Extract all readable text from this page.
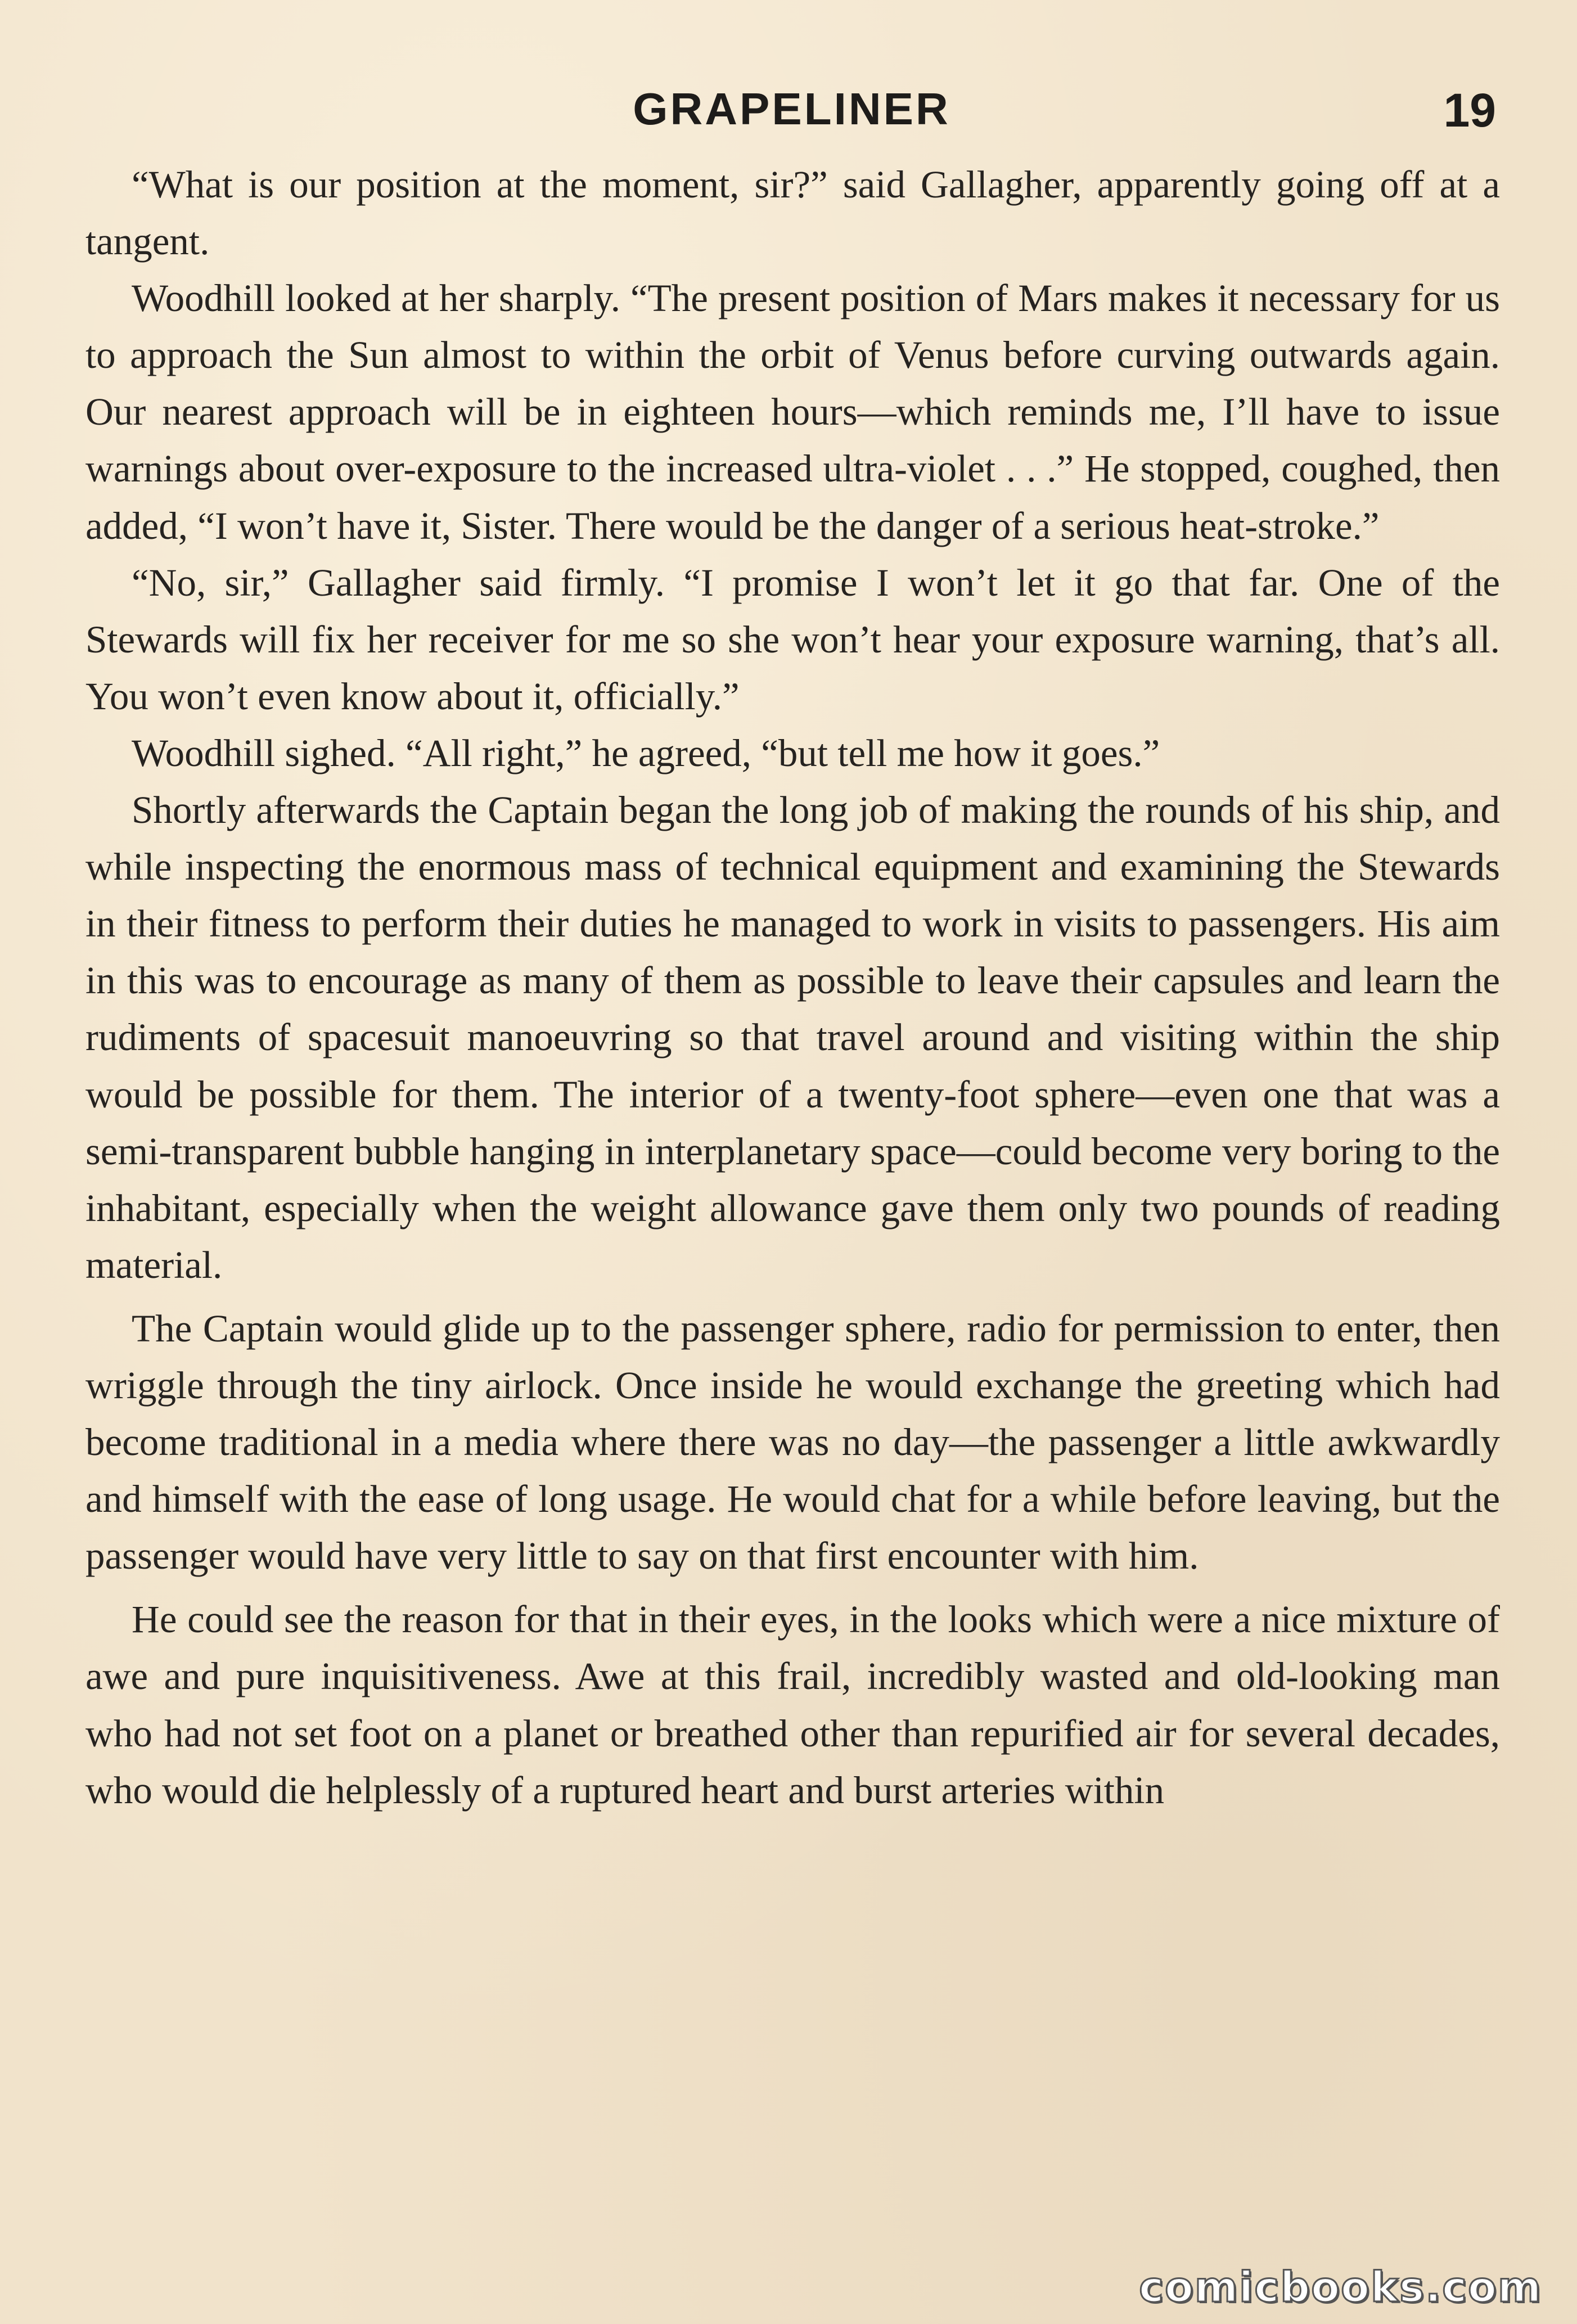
GRAPELINER	19

“What is our position at the moment, sir?” said Gallagher, apparently going off at a tangent.

Woodhill looked at her sharply. “The present position of Mars makes it necessary for us to approach the Sun almost to within the orbit of Venus before curving outwards again. Our nearest approach will be in eighteen hours—which reminds me, I’ll have to issue warnings about over-exposure to the increased ultra-violet . . .” He stopped, coughed, then added, “I won’t have it, Sister. There would be the danger of a serious heat-stroke.”

“No, sir,” Gallagher said firmly. “I promise I won’t let it go that far. One of the Stewards will fix her receiver for me so she won’t hear your exposure warning, that’s all. You won’t even know about it, officially.”

Woodhill sighed. “All right,” he agreed, “but tell me how it goes.”

Shortly afterwards the Captain began the long job of making the rounds of his ship, and while inspecting the enormous mass of technical equipment and examining the Stewards in their fitness to perform their duties he managed to work in visits to passengers. His aim in this was to encourage as many of them as possible to leave their capsules and learn the rudiments of spacesuit manoeuvring so that travel around and visiting within the ship would be possible for them. The interior of a twenty-foot sphere—even one that was a semi-transparent bubble hanging in interplanetary space—could become very boring to the inhabitant, especially when the weight allowance gave them only two pounds of reading material.

The Captain would glide up to the passenger sphere, radio for permission to enter, then wriggle through the tiny airlock. Once inside he would exchange the greeting which had become traditional in a media where there was no day—the passenger a little awkwardly and himself with the ease of long usage. He would chat for a while before leaving, but the passenger would have very little to say on that first encounter with him.

He could see the reason for that in their eyes, in the looks which were a nice mixture of awe and pure inquisitiveness. Awe at this frail, incredibly wasted and old-looking man who had not set foot on a planet or breathed other than repurified air for several decades, who would die helplessly of a ruptured heart and burst arteries within

comicbooks.com
